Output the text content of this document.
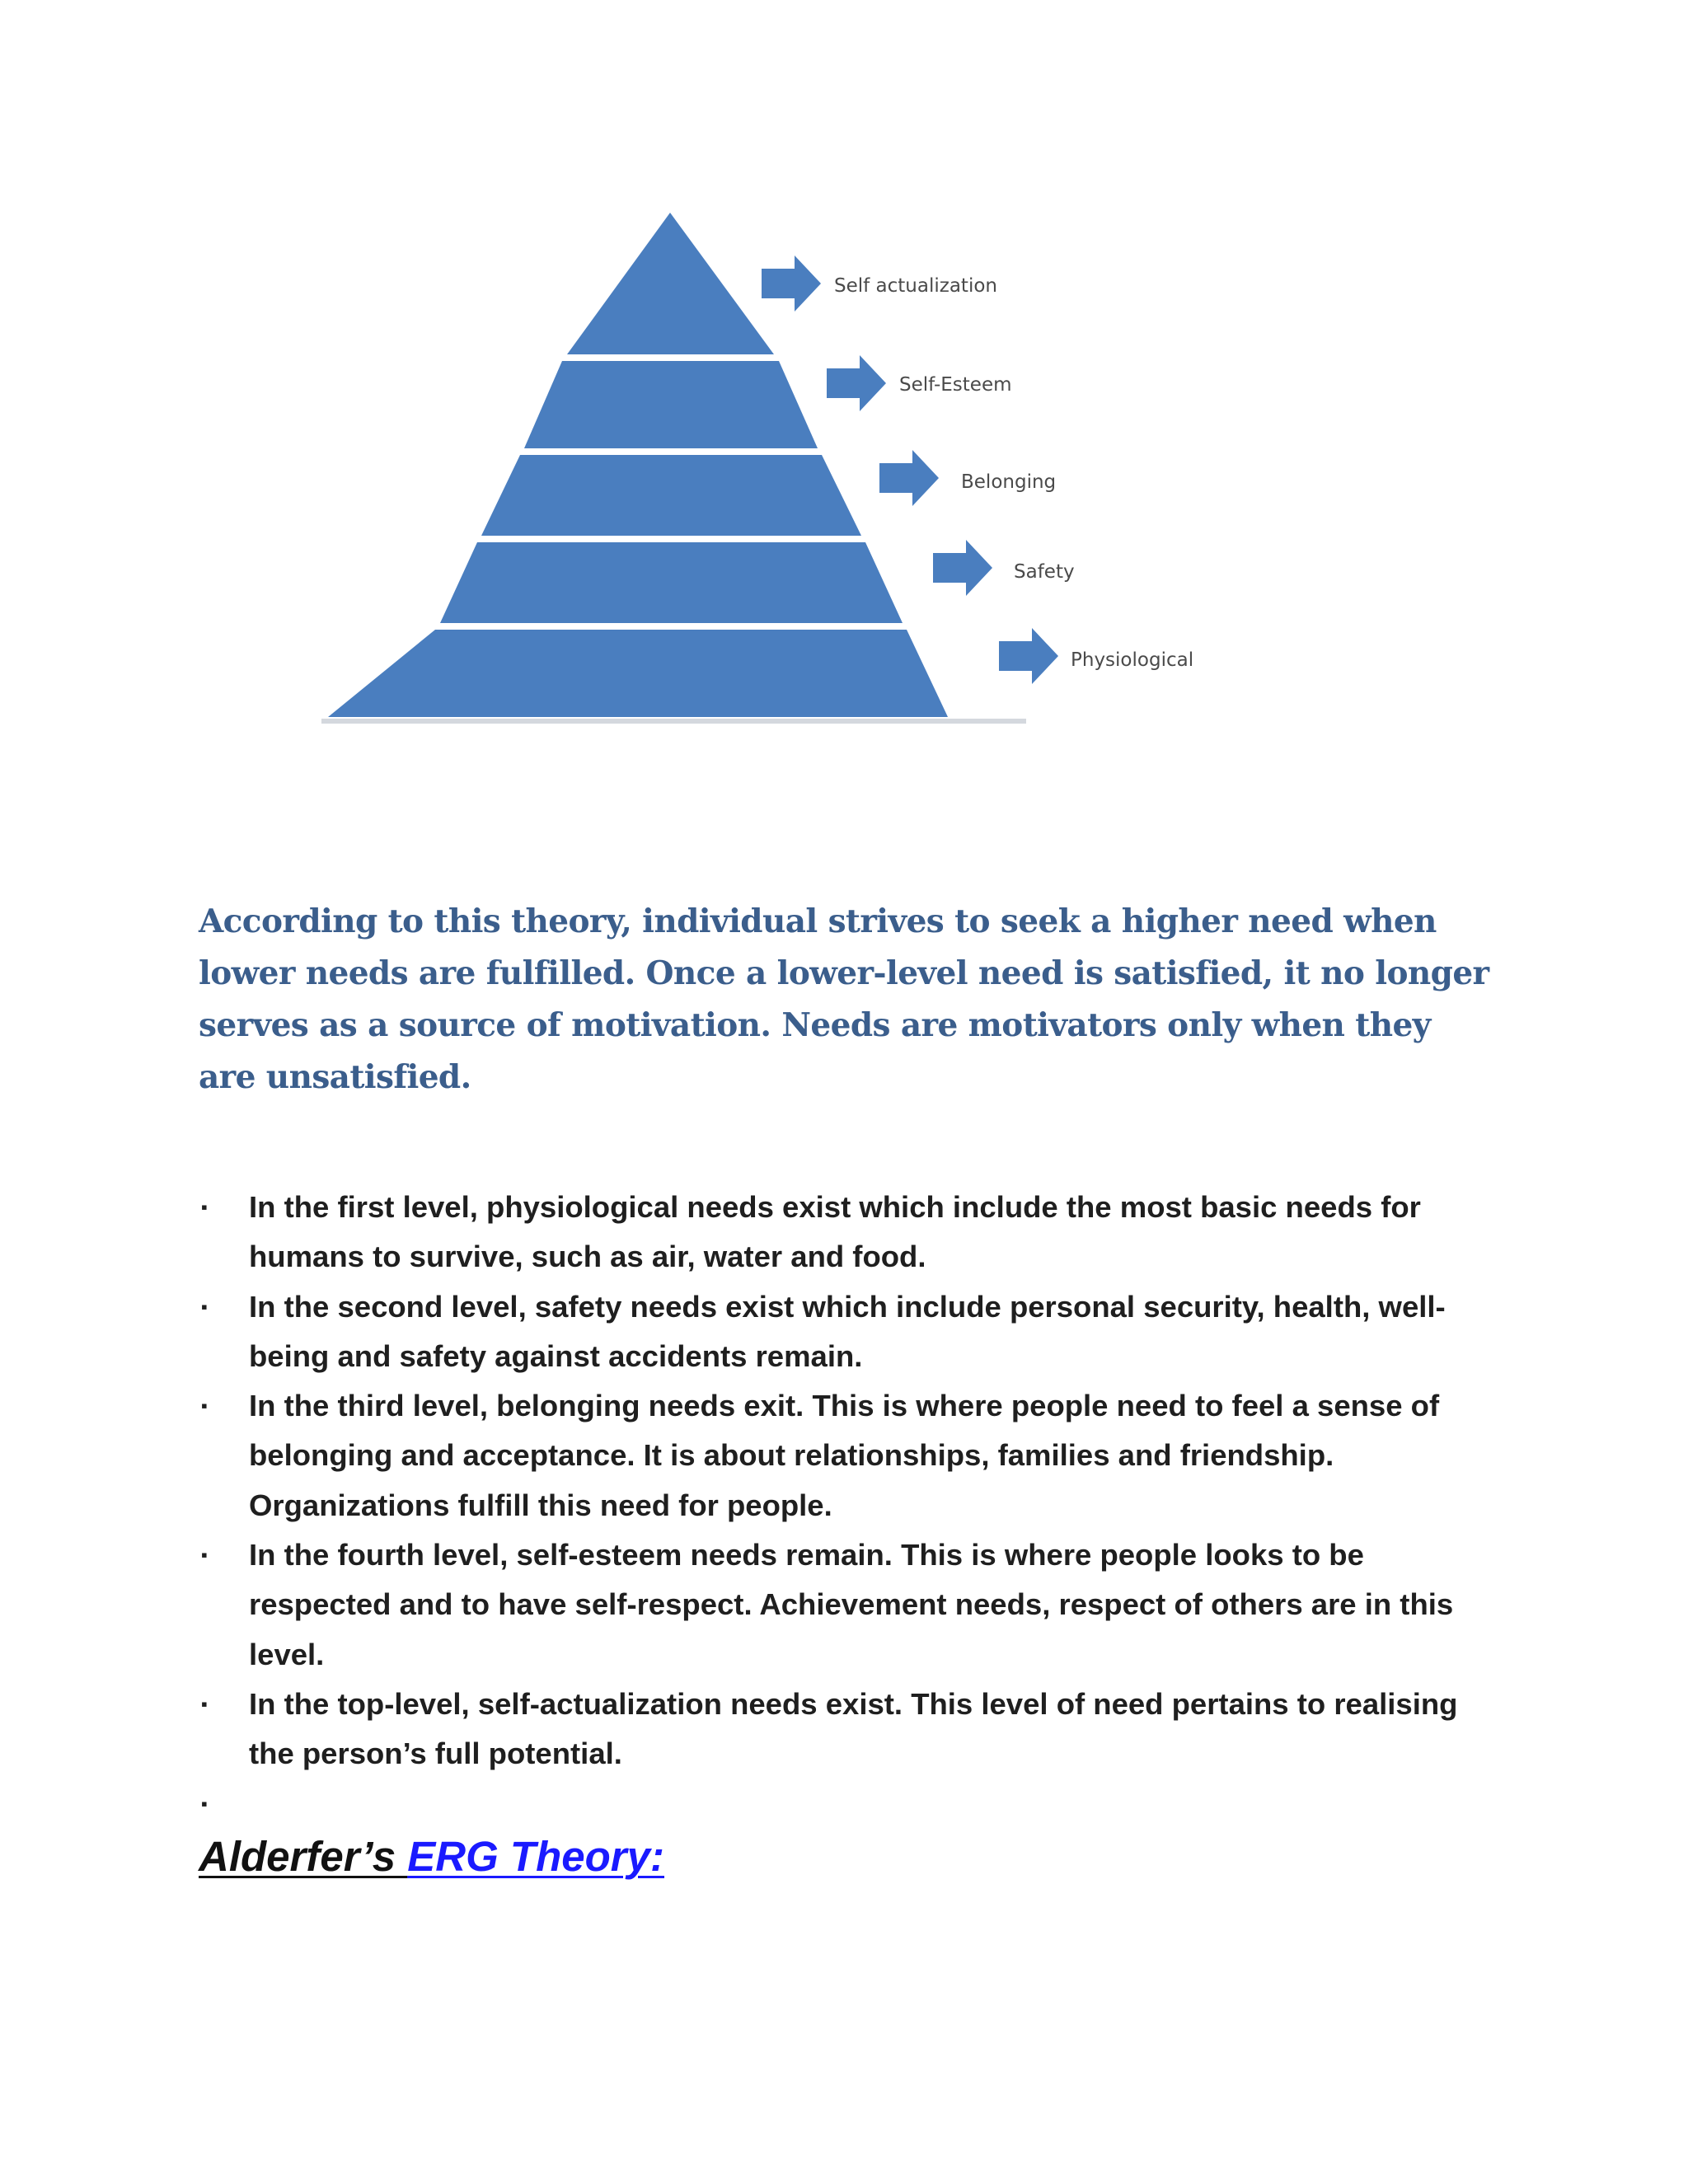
Self actualization
Self-Esteem
Belonging
Safety
Physiological

According to this theory, individual strives to seek a higher need when lower needs are fulfilled. Once a lower-level need is satisfied, it no longer serves as a source of motivation. Needs are motivators only when they are unsatisfied.

▪ In the first level, physiological needs exist which include the most basic needs for humans to survive, such as air, water and food.
▪ In the second level, safety needs exist which include personal security, health, well-being and safety against accidents remain.
▪ In the third level, belonging needs exit. This is where people need to feel a sense of belonging and acceptance. It is about relationships, families and friendship. Organizations fulfill this need for people.
▪ In the fourth level, self-esteem needs remain. This is where people looks to be respected and to have self-respect. Achievement needs, respect of others are in this level.
▪ In the top-level, self-actualization needs exist. This level of need pertains to realising the person’s full potential.
▪
Alderfer’s ERG Theory:
